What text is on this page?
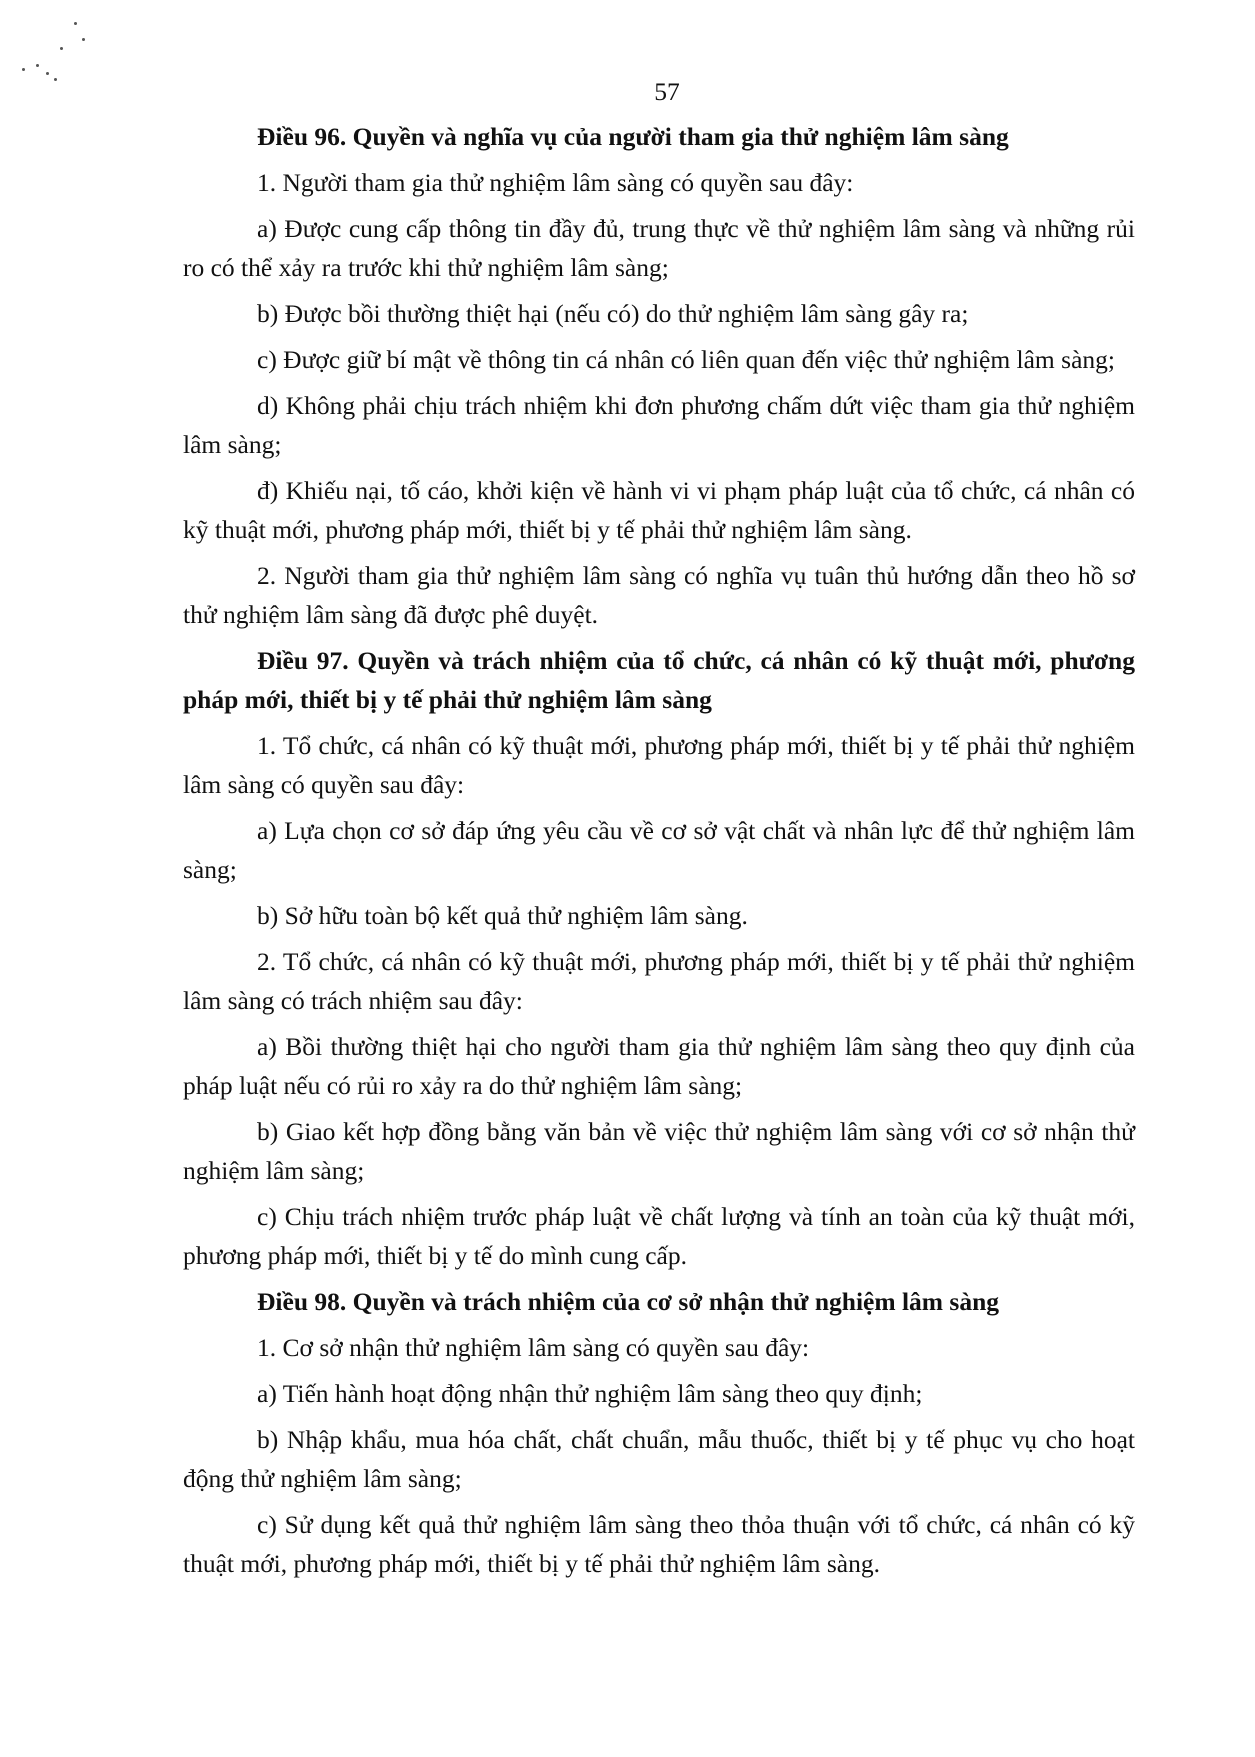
57

Điều 96. Quyền và nghĩa vụ của người tham gia thử nghiệm lâm sàng

1. Người tham gia thử nghiệm lâm sàng có quyền sau đây:

a) Được cung cấp thông tin đầy đủ, trung thực về thử nghiệm lâm sàng và những rủi ro có thể xảy ra trước khi thử nghiệm lâm sàng;

b) Được bồi thường thiệt hại (nếu có) do thử nghiệm lâm sàng gây ra;

c) Được giữ bí mật về thông tin cá nhân có liên quan đến việc thử nghiệm lâm sàng;

d) Không phải chịu trách nhiệm khi đơn phương chấm dứt việc tham gia thử nghiệm lâm sàng;

đ) Khiếu nại, tố cáo, khởi kiện về hành vi vi phạm pháp luật của tổ chức, cá nhân có kỹ thuật mới, phương pháp mới, thiết bị y tế phải thử nghiệm lâm sàng.

2. Người tham gia thử nghiệm lâm sàng có nghĩa vụ tuân thủ hướng dẫn theo hồ sơ thử nghiệm lâm sàng đã được phê duyệt.

Điều 97. Quyền và trách nhiệm của tổ chức, cá nhân có kỹ thuật mới, phương pháp mới, thiết bị y tế phải thử nghiệm lâm sàng

1. Tổ chức, cá nhân có kỹ thuật mới, phương pháp mới, thiết bị y tế phải thử nghiệm lâm sàng có quyền sau đây:

a) Lựa chọn cơ sở đáp ứng yêu cầu về cơ sở vật chất và nhân lực để thử nghiệm lâm sàng;

b) Sở hữu toàn bộ kết quả thử nghiệm lâm sàng.

2. Tổ chức, cá nhân có kỹ thuật mới, phương pháp mới, thiết bị y tế phải thử nghiệm lâm sàng có trách nhiệm sau đây:

a) Bồi thường thiệt hại cho người tham gia thử nghiệm lâm sàng theo quy định của pháp luật nếu có rủi ro xảy ra do thử nghiệm lâm sàng;

b) Giao kết hợp đồng bằng văn bản về việc thử nghiệm lâm sàng với cơ sở nhận thử nghiệm lâm sàng;

c) Chịu trách nhiệm trước pháp luật về chất lượng và tính an toàn của kỹ thuật mới, phương pháp mới, thiết bị y tế do mình cung cấp.

Điều 98. Quyền và trách nhiệm của cơ sở nhận thử nghiệm lâm sàng

1. Cơ sở nhận thử nghiệm lâm sàng có quyền sau đây:

a) Tiến hành hoạt động nhận thử nghiệm lâm sàng theo quy định;

b) Nhập khẩu, mua hóa chất, chất chuẩn, mẫu thuốc, thiết bị y tế phục vụ cho hoạt động thử nghiệm lâm sàng;

c) Sử dụng kết quả thử nghiệm lâm sàng theo thỏa thuận với tổ chức, cá nhân có kỹ thuật mới, phương pháp mới, thiết bị y tế phải thử nghiệm lâm sàng.
